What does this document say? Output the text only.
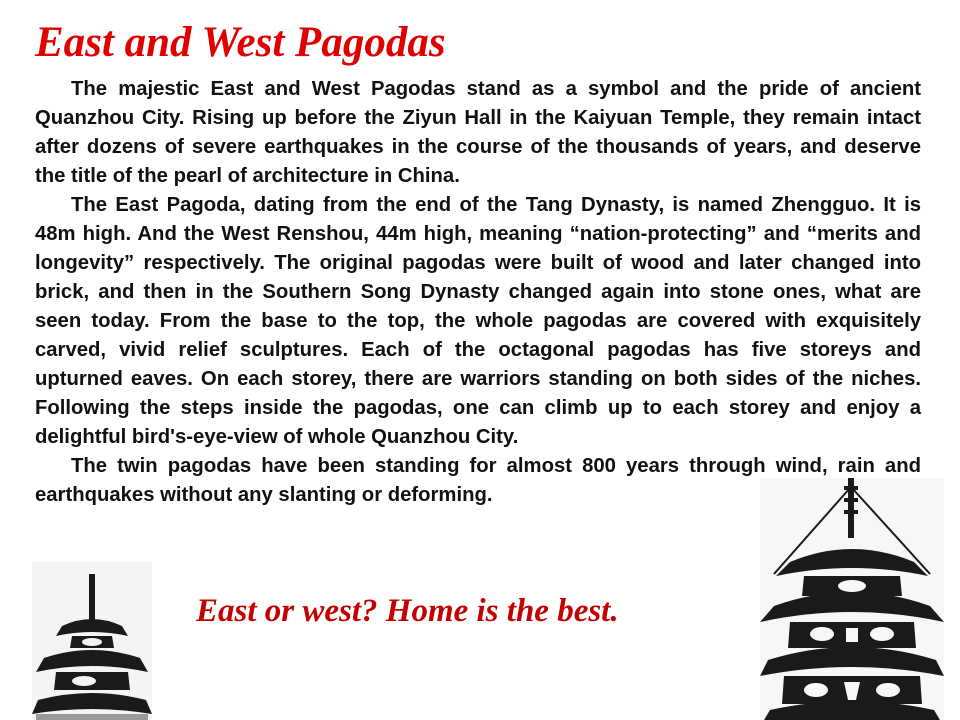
East and West Pagodas

The majestic East and West Pagodas stand as a symbol and the pride of ancient Quanzhou City. Rising up before the Ziyun Hall in the Kaiyuan Temple, they remain intact after dozens of severe earthquakes in the course of the thousands of years, and deserve the title of the pearl of architecture in China.

The East Pagoda, dating from the end of the Tang Dynasty, is named Zhengguo. It is 48m high. And the West Renshou, 44m high, meaning “nation-protecting” and “merits and longevity” respectively. The original pagodas were built of wood and later changed into brick, and then in the Southern Song Dynasty changed again into stone ones, what are seen today. From the base to the top, the whole pagodas are covered with exquisitely carved, vivid relief sculptures. Each of the octagonal pagodas has five storeys and upturned eaves. On each storey, there are warriors standing on both sides of the niches. Following the steps inside the pagodas, one can climb up to each storey and enjoy a delightful bird's-eye-view of whole Quanzhou City.

The twin pagodas have been standing for almost 800 years through wind, rain and earthquakes without any slanting or deforming.

East or west? Home is the best.
